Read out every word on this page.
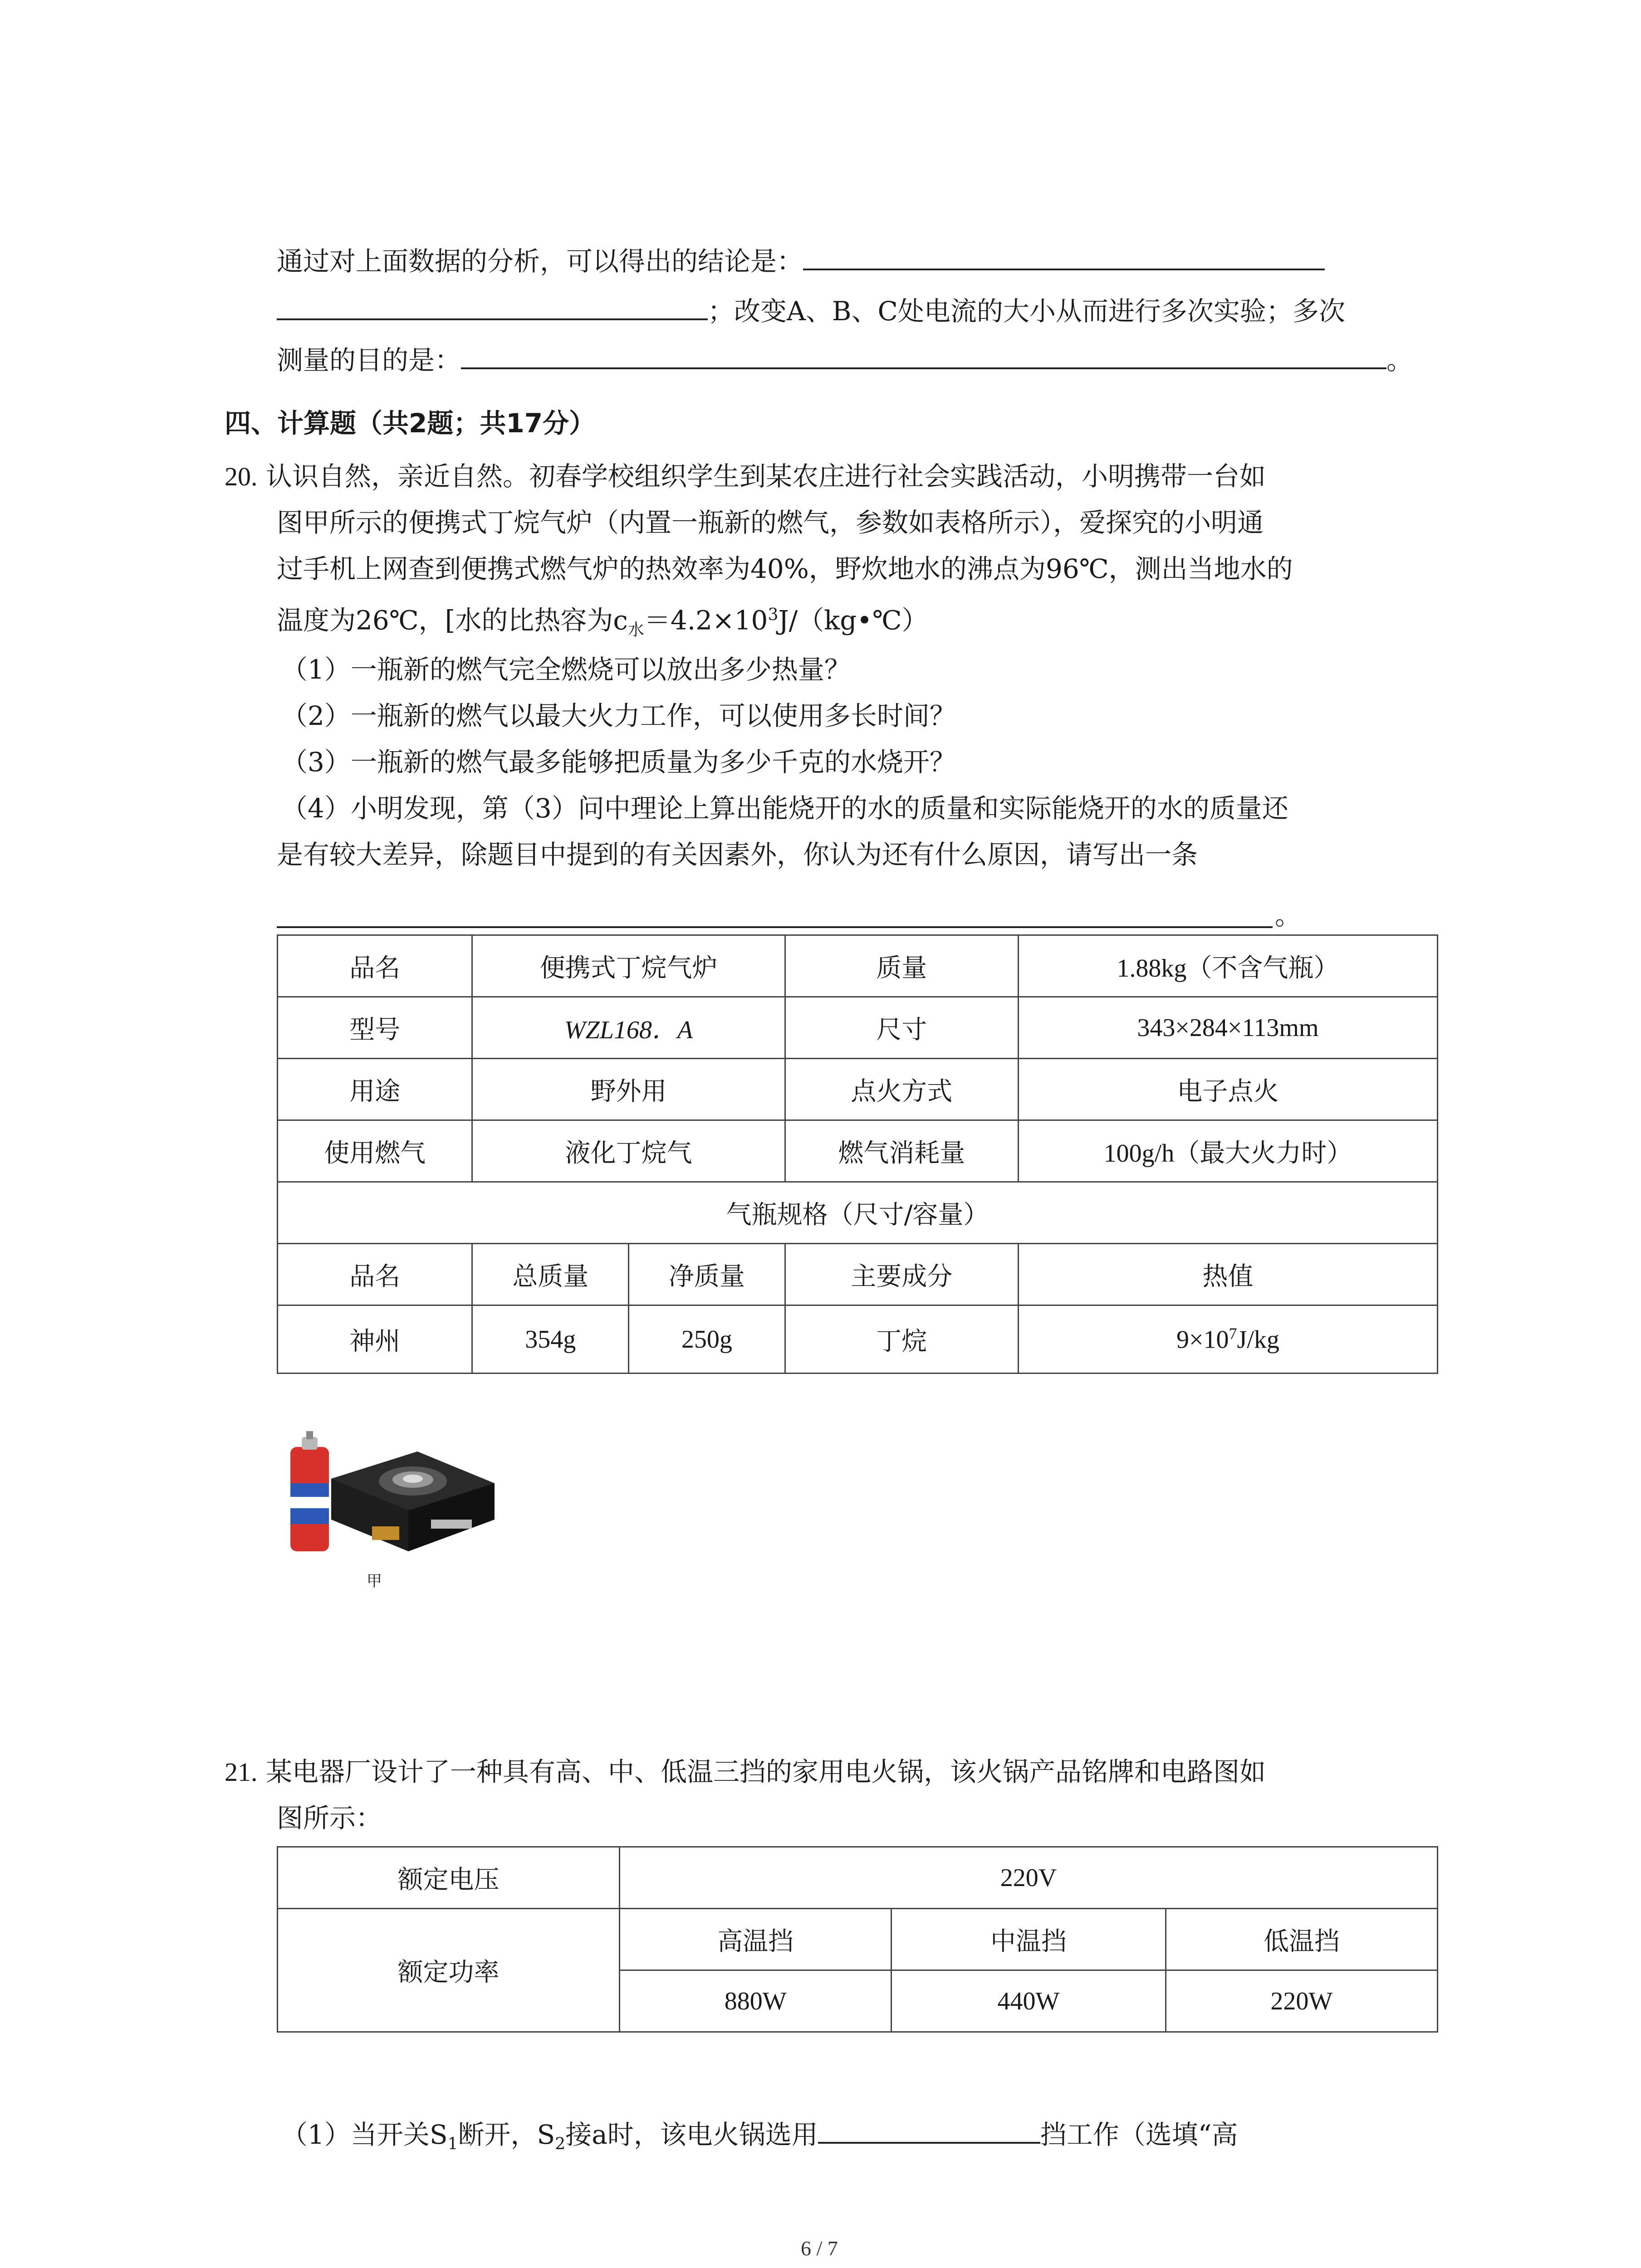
通过对上面数据的分析，可以得出的结论是：
；改变A、B、C处电流的大小从而进行多次实验；多次
测量的目的是：	。
四、计算题（共2题；共17分）
20. 认识自然，亲近自然。初春学校组织学生到某农庄进行社会实践活动，小明携带一台如
图甲所示的便携式丁烷气炉（内置一瓶新的燃气，参数如表格所示），爱探究的小明通
过手机上网查到便携式燃气炉的热效率为40%，野炊地水的沸点为96℃，测出当地水的
温度为26℃，[水的比热容为$c_水=4.2\times 10^3J/(kg•℃)$
（1）一瓶新的燃气完全燃烧可以放出多少热量？
（2）一瓶新的燃气以最大火力工作，可以使用多长时间？
（3）一瓶新的燃气最多能够把质量为多少千克的水烧开？
（4）小明发现，第（3）问中理论上算出能烧开的水的质量和实际能烧开的水的质量还
是有较大差异，除题目中提到的有关因素外，你认为还有什么原因，请写出一条
。
品名	便携式丁烷气炉		质量	1.88kg（不含气瓶）
型号	WZL168．A		尺寸	343×284×113mm
用途	野外用		点火方式	电子点火
使用燃气	液化丁烷气		燃气消耗量	100g/h（最大火力时）
气瓶规格（尺寸/容量）				
品名	总质量	净质量	主要成分	热值
神州	354g	250g	丁烷	$9\times 10^7J/kg$
甲
21. 某电器厂设计了一种具有高、中、低温三挡的家用电火锅，该火锅产品铭牌和电路图如
图所示：
额定电压	220V		
额定功率	高温挡	中温挡	低温挡
	880W	440W	220W
（1）当开关$S_1$断开，$S_2$接a时，该电火锅选用	挡工作（选填“高
6 / 7
